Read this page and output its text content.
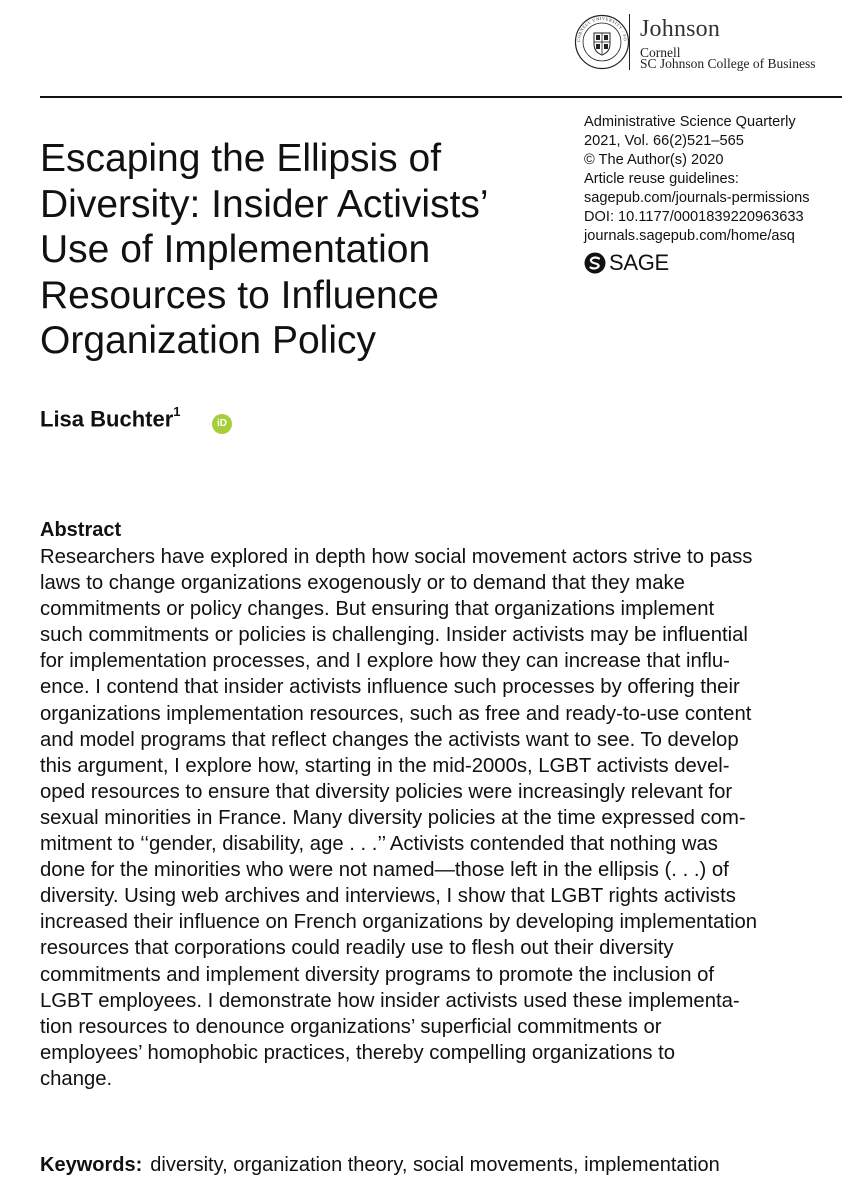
CORNELL UNIVERSITY · FO Johnson
Cornell
SC Johnson College of Business
Escaping the Ellipsis of
Diversity: Insider Activists’
Use of Implementation
Resources to Influence
Organization Policy
Administrative Science Quarterly
2021, Vol. 66(2)521–565
© The Author(s) 2020
Article reuse guidelines:
sagepub.com/journals-permissions
DOI: 10.1177/0001839220963633
journals.sagepub.com/home/asq
SAGE
Lisa Buchter$^1$
iD
Abstract
Researchers have explored in depth how social movement actors strive to pass
laws to change organizations exogenously or to demand that they make
commitments or policy changes. But ensuring that organizations implement
such commitments or policies is challenging. Insider activists may be influential
for implementation processes, and I explore how they can increase that influ-
ence. I contend that insider activists influence such processes by offering their
organizations implementation resources, such as free and ready-to-use content
and model programs that reflect changes the activists want to see. To develop
this argument, I explore how, starting in the mid-2000s, LGBT activists devel-
oped resources to ensure that diversity policies were increasingly relevant for
sexual minorities in France. Many diversity policies at the time expressed com-
mitment to ‘‘gender, disability, age . . .’’ Activists contended that nothing was
done for the minorities who were not named—those left in the ellipsis (. . .) of
diversity. Using web archives and interviews, I show that LGBT rights activists
increased their influence on French organizations by developing implementation
resources that corporations could readily use to flesh out their diversity
commitments and implement diversity programs to promote the inclusion of
LGBT employees. I demonstrate how insider activists used these implementa-
tion resources to denounce organizations’ superficial commitments or
employees’ homophobic practices, thereby compelling organizations to
change.
Keywords: diversity, organization theory, social movements, implementation
